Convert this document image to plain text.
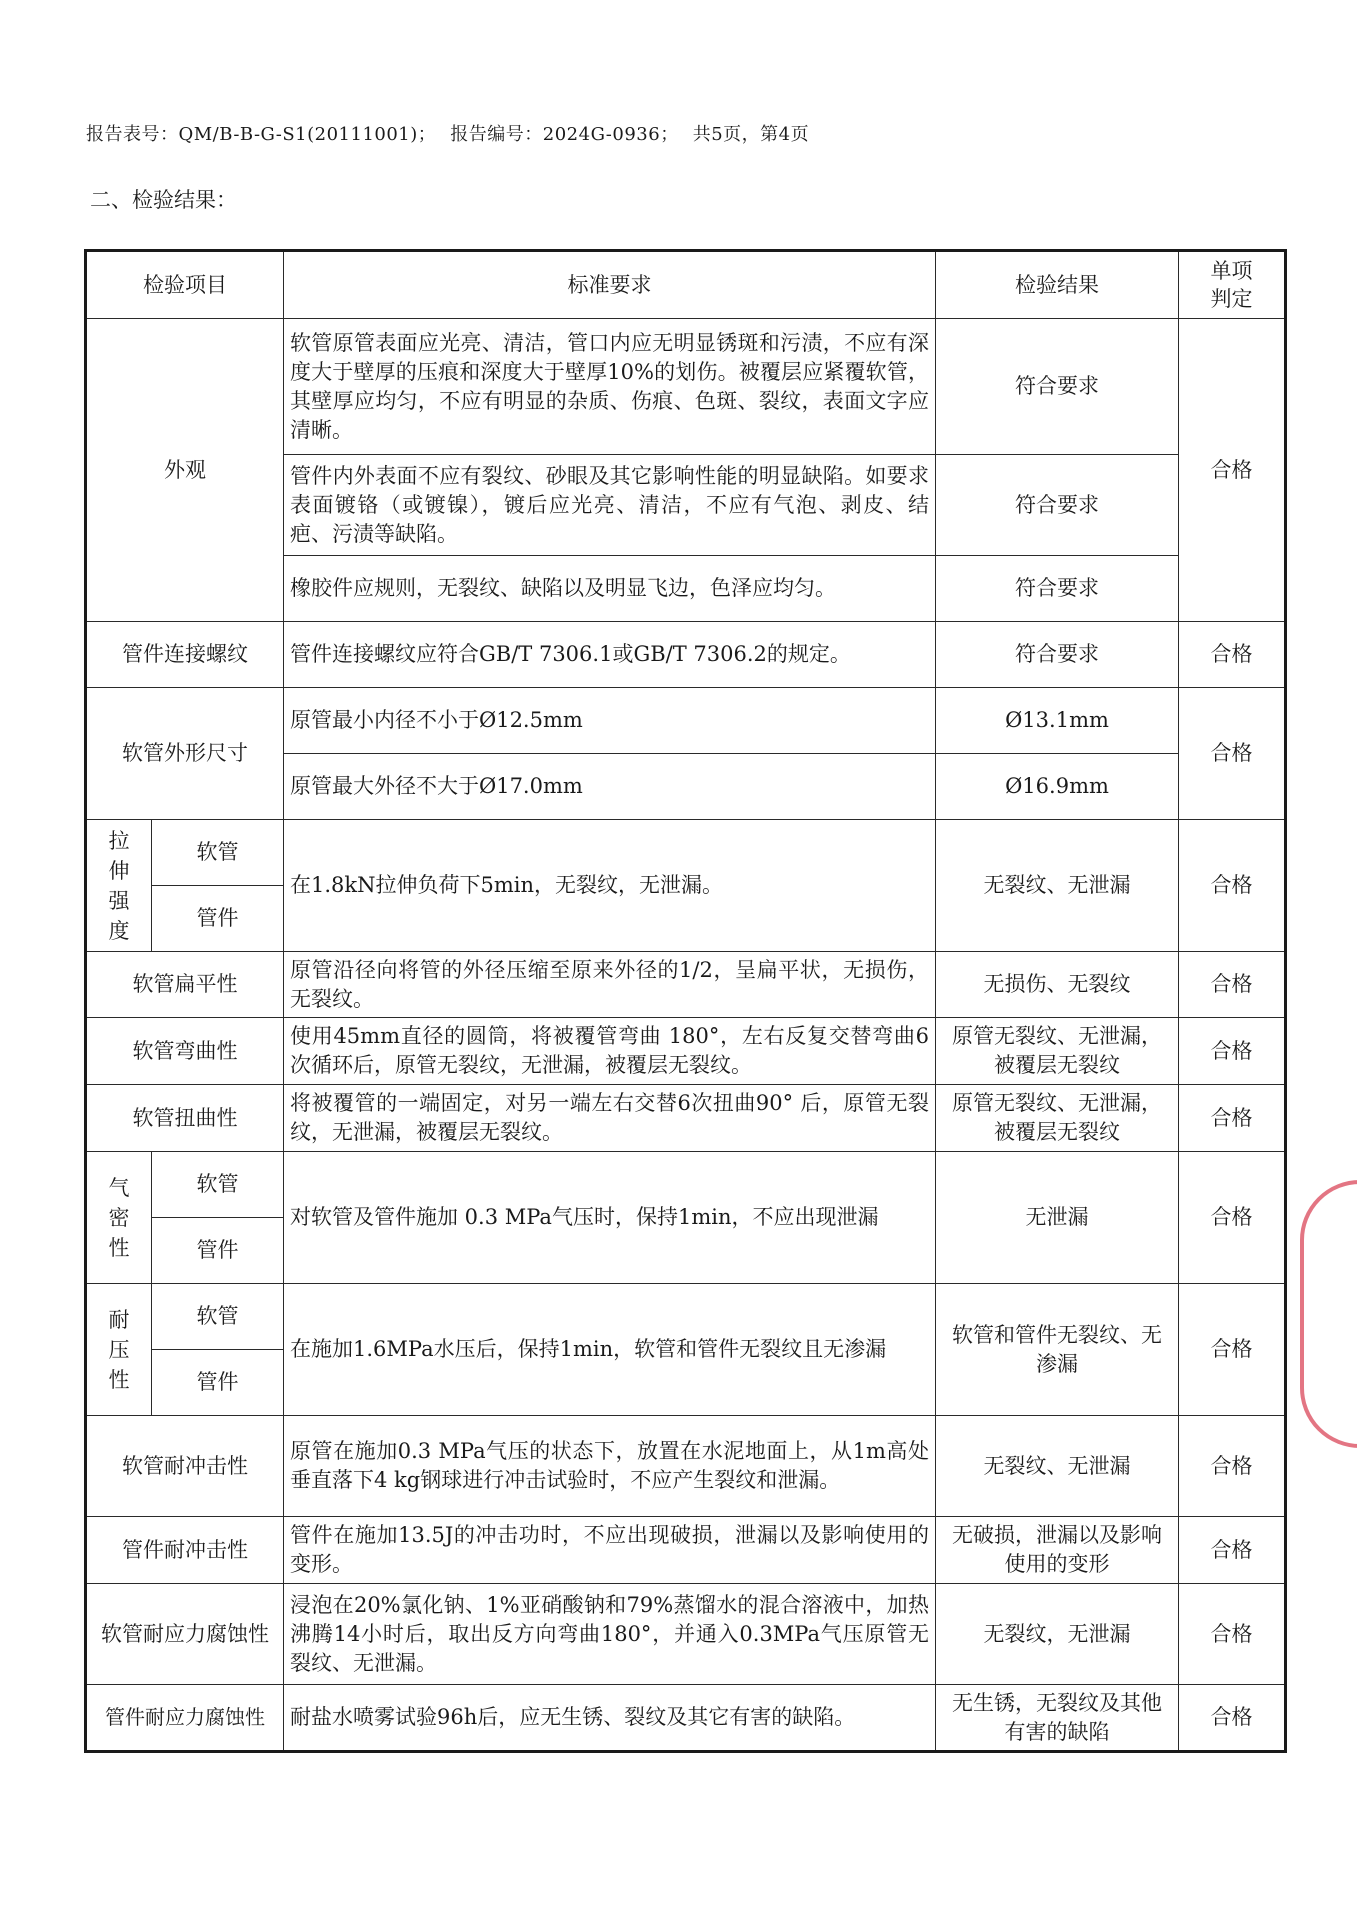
报告表号：QM/B-B-G-S1(20111001)； 报告编号：2024G-0936； 共5页，第4页
二、检验结果：
检验项目		标准要求	检验结果	单项判定
外观		软管原管表面应光亮、清洁，管口内应无明显锈斑和污渍，不应有深度大于壁厚的压痕和深度大于壁厚10%的划伤。被覆层应紧覆软管，其壁厚应均匀，不应有明显的杂质、伤痕、色斑、裂纹，表面文字应清晰。	符合要求	合格
		管件内外表面不应有裂纹、砂眼及其它影响性能的明显缺陷。如要求表面镀铬（或镀镍），镀后应光亮、清洁，不应有气泡、剥皮、结疤、污渍等缺陷。	符合要求	
		橡胶件应规则，无裂纹、缺陷以及明显飞边，色泽应均匀。	符合要求	
管件连接螺纹		管件连接螺纹应符合GB/T 7306.1或GB/T 7306.2的规定。	符合要求	合格
软管外形尺寸		原管最小内径不小于Ø12.5mm	Ø13.1mm	合格
		原管最大外径不大于Ø17.0mm	Ø16.9mm	
拉伸强度	软管	在1.8kN拉伸负荷下5min，无裂纹，无泄漏。	无裂纹、无泄漏	合格
	管件			
软管扁平性		原管沿径向将管的外径压缩至原来外径的1/2，呈扁平状，无损伤，无裂纹。	无损伤、无裂纹	合格
软管弯曲性		使用45mm直径的圆筒，将被覆管弯曲 180°，左右反复交替弯曲6次循环后，原管无裂纹，无泄漏，被覆层无裂纹。	原管无裂纹、无泄漏，被覆层无裂纹	合格
软管扭曲性		将被覆管的一端固定，对另一端左右交替6次扭曲90° 后，原管无裂纹，无泄漏，被覆层无裂纹。	原管无裂纹、无泄漏，被覆层无裂纹	合格
气密性	软管	对软管及管件施加 0.3 MPa气压时，保持1min，不应出现泄漏	无泄漏	合格
	管件			
耐压性	软管	在施加1.6MPa水压后，保持1min，软管和管件无裂纹且无渗漏	软管和管件无裂纹、无渗漏	合格
	管件			
软管耐冲击性		原管在施加0.3 MPa气压的状态下，放置在水泥地面上，从1m高处垂直落下4 kg钢球进行冲击试验时，不应产生裂纹和泄漏。	无裂纹、无泄漏	合格
管件耐冲击性		管件在施加13.5J的冲击功时，不应出现破损，泄漏以及影响使用的变形。	无破损，泄漏以及影响使用的变形	合格
软管耐应力腐蚀性		浸泡在20%氯化钠、1%亚硝酸钠和79%蒸馏水的混合溶液中，加热沸腾14小时后，取出反方向弯曲180°，并通入0.3MPa气压原管无裂纹、无泄漏。	无裂纹，无泄漏	合格
管件耐应力腐蚀性		耐盐水喷雾试验96h后，应无生锈、裂纹及其它有害的缺陷。	无生锈，无裂纹及其他有害的缺陷	合格
